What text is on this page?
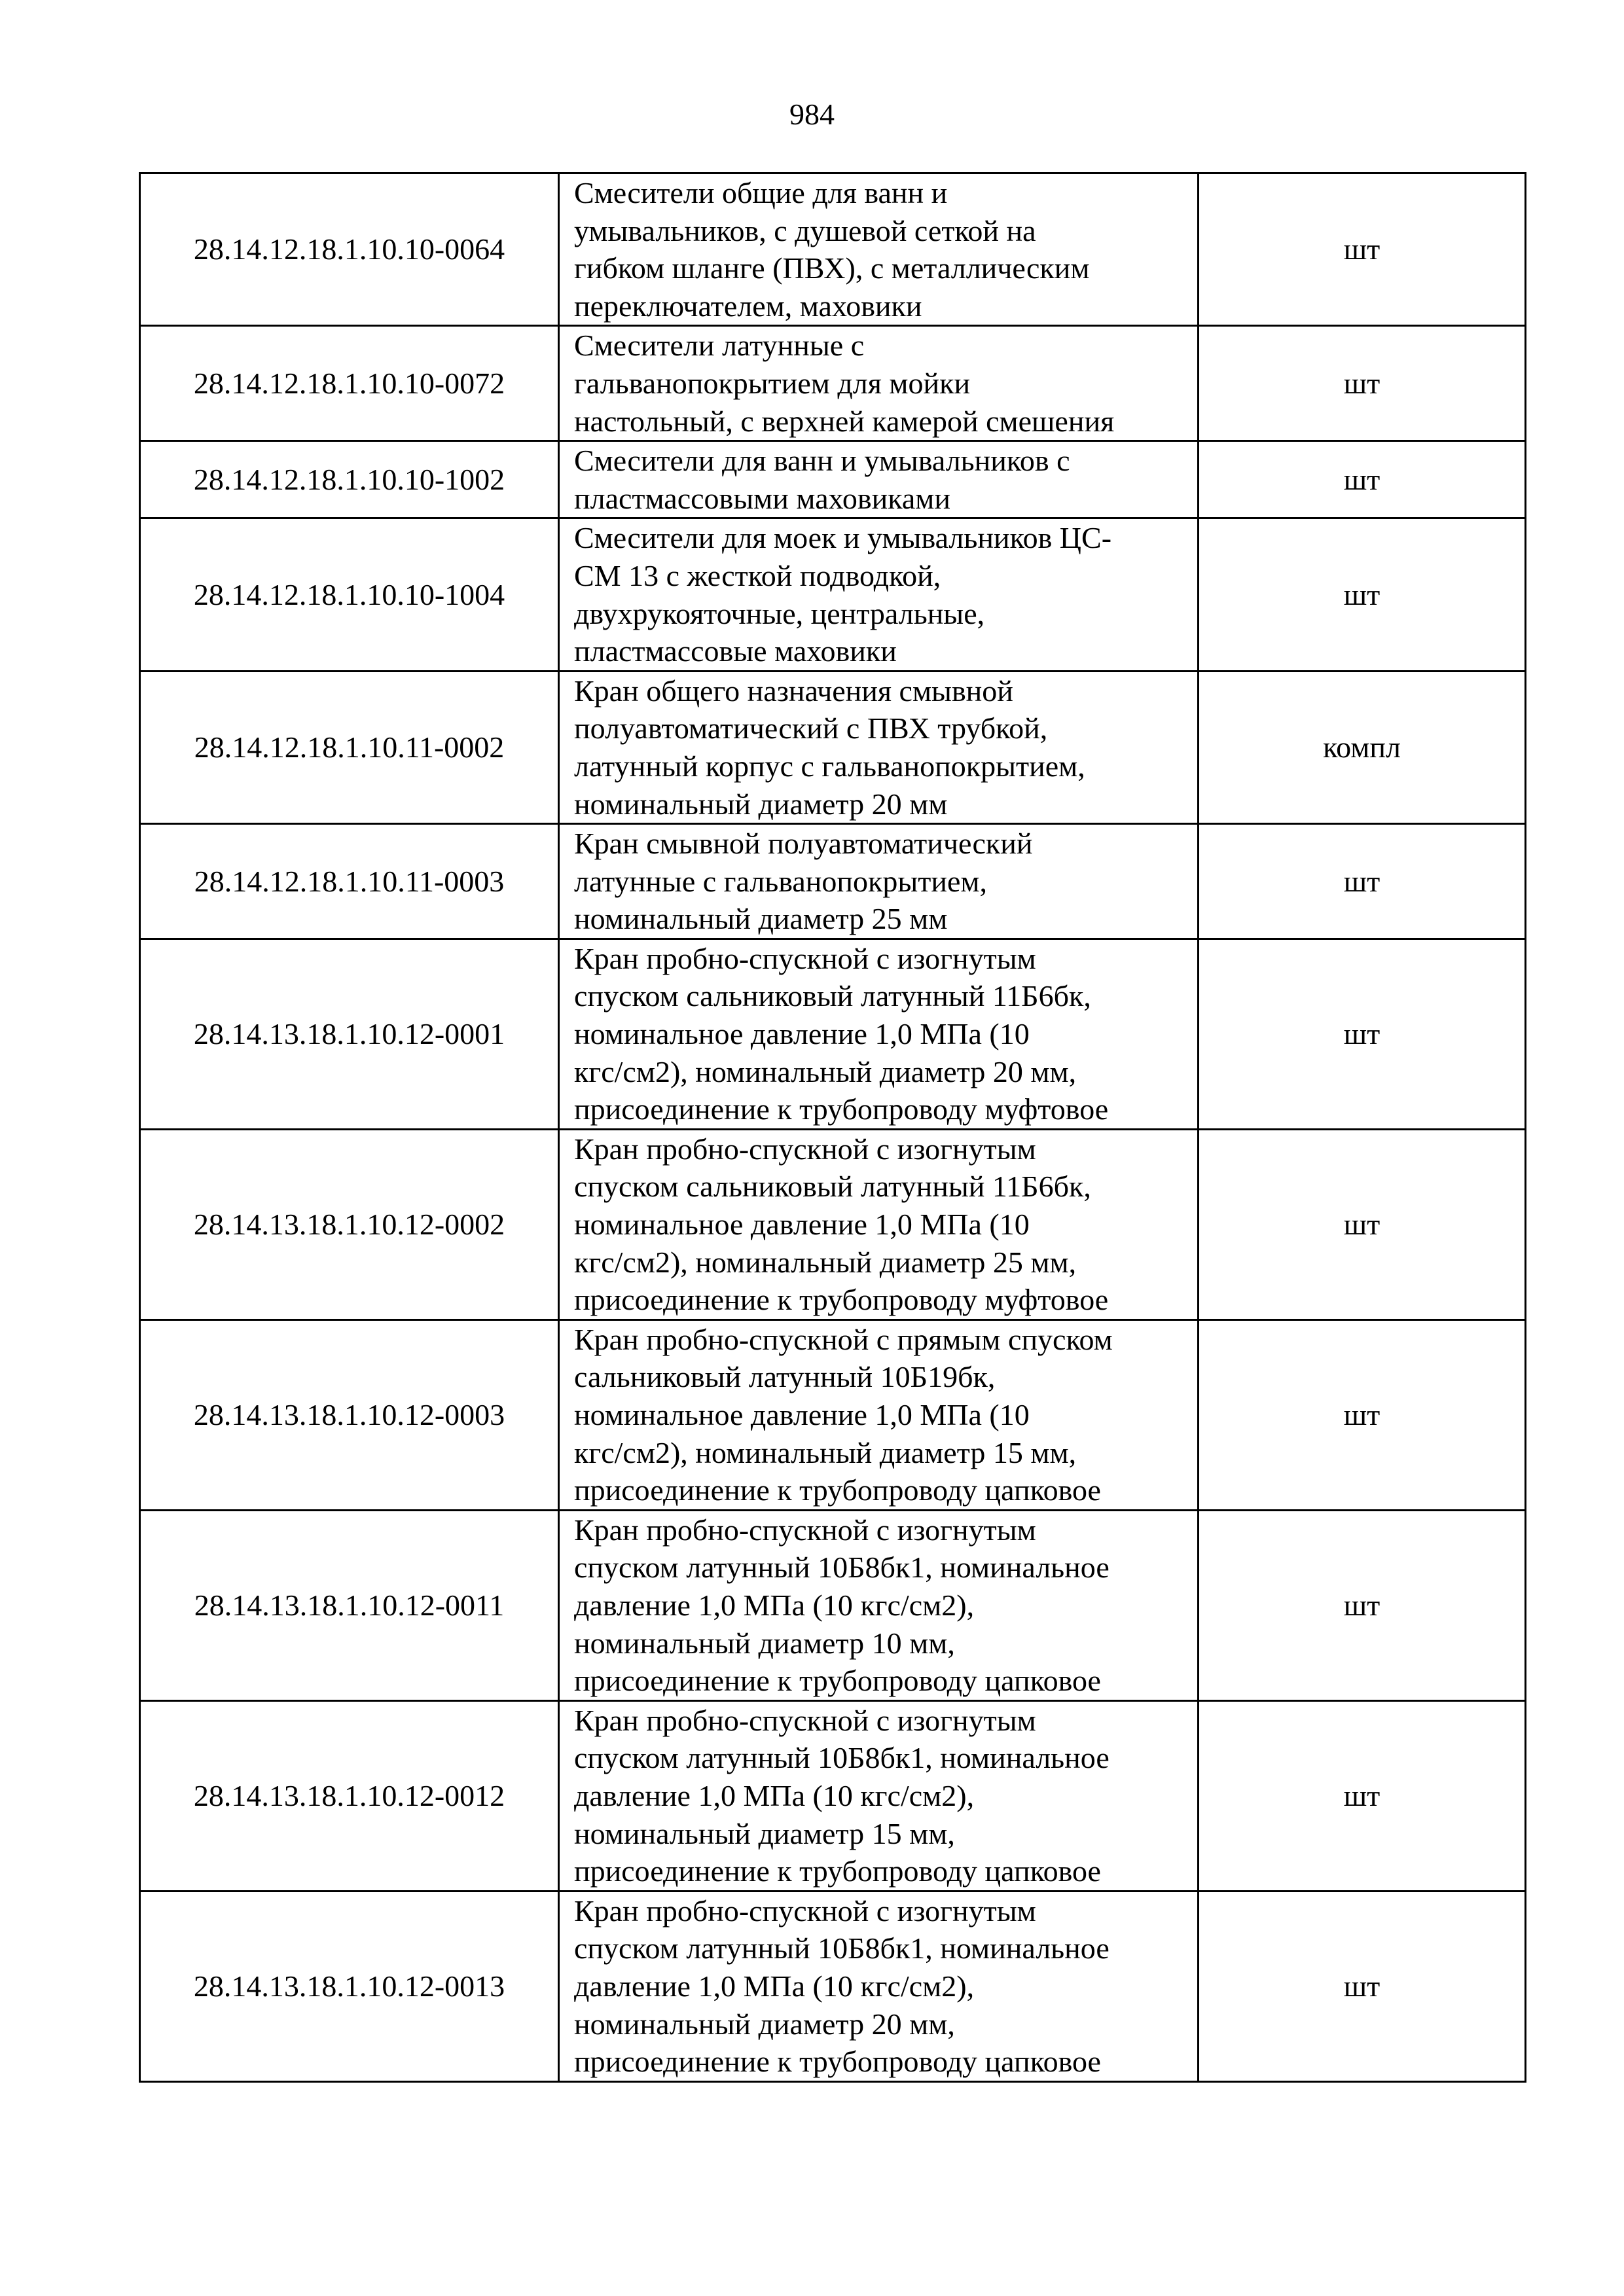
984
28.14.12.18.1.10.10-0064	Смесители общие для ванн и
умывальников, с душевой сеткой на
гибком шланге (ПВХ), с металлическим
переключателем, маховики	шт
28.14.12.18.1.10.10-0072	Смесители латунные с
гальванопокрытием для мойки
настольный, с верхней камерой смешения	шт
28.14.12.18.1.10.10-1002	Смесители для ванн и умывальников с
пластмассовыми маховиками	шт
28.14.12.18.1.10.10-1004	Смесители для моек и умывальников ЦС-
СМ 13 с жесткой подводкой,
двухрукояточные, центральные,
пластмассовые маховики	шт
28.14.12.18.1.10.11-0002	Кран общего назначения смывной
полуавтоматический с ПВХ трубкой,
латунный корпус с гальванопокрытием,
номинальный диаметр 20 мм	компл
28.14.12.18.1.10.11-0003	Кран смывной полуавтоматический
латунные с гальванопокрытием,
номинальный диаметр 25 мм	шт
28.14.13.18.1.10.12-0001	Кран пробно-спускной с изогнутым
спуском сальниковый латунный 11Б6бк,
номинальное давление 1,0 МПа (10
кгс/см2), номинальный диаметр 20 мм,
присоединение к трубопроводу муфтовое	шт
28.14.13.18.1.10.12-0002	Кран пробно-спускной с изогнутым
спуском сальниковый латунный 11Б6бк,
номинальное давление 1,0 МПа (10
кгс/см2), номинальный диаметр 25 мм,
присоединение к трубопроводу муфтовое	шт
28.14.13.18.1.10.12-0003	Кран пробно-спускной с прямым спуском
сальниковый латунный 10Б19бк,
номинальное давление 1,0 МПа (10
кгс/см2), номинальный диаметр 15 мм,
присоединение к трубопроводу цапковое	шт
28.14.13.18.1.10.12-0011	Кран пробно-спускной с изогнутым
спуском латунный 10Б8бк1, номинальное
давление 1,0 МПа (10 кгс/см2),
номинальный диаметр 10 мм,
присоединение к трубопроводу цапковое	шт
28.14.13.18.1.10.12-0012	Кран пробно-спускной с изогнутым
спуском латунный 10Б8бк1, номинальное
давление 1,0 МПа (10 кгс/см2),
номинальный диаметр 15 мм,
присоединение к трубопроводу цапковое	шт
28.14.13.18.1.10.12-0013	Кран пробно-спускной с изогнутым
спуском латунный 10Б8бк1, номинальное
давление 1,0 МПа (10 кгс/см2),
номинальный диаметр 20 мм,
присоединение к трубопроводу цапковое	шт
